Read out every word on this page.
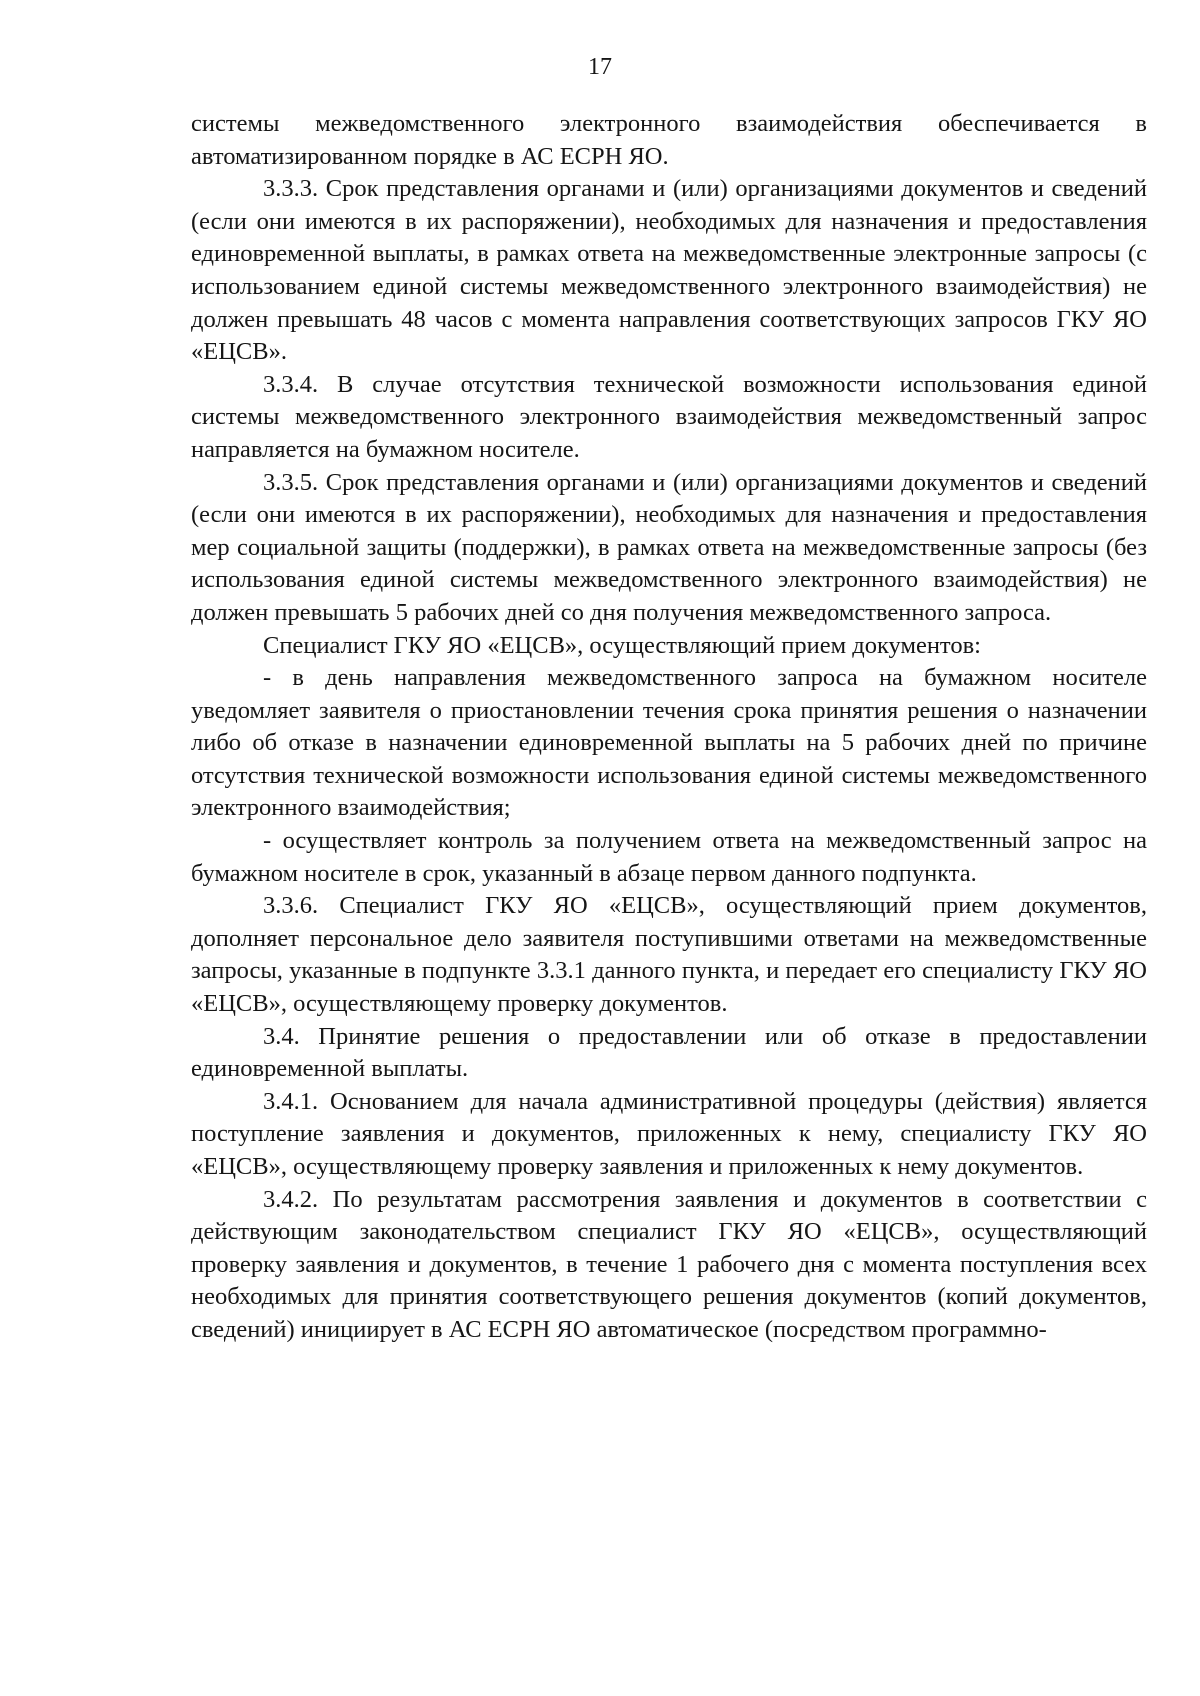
17

системы межведомственного электронного взаимодействия обеспечивается в автоматизированном порядке в АС ЕСРН ЯО.

3.3.3. Срок представления органами и (или) организациями документов и сведений (если они имеются в их распоряжении), необходимых для назначения и предоставления единовременной выплаты, в рамках ответа на межведомственные электронные запросы (с использованием единой системы межведомственного электронного взаимодействия) не должен превышать 48 часов с момента направления соответствующих запросов ГКУ ЯО «ЕЦСВ».

3.3.4. В случае отсутствия технической возможности использования единой системы межведомственного электронного взаимодействия межведомственный запрос направляется на бумажном носителе.

3.3.5. Срок представления органами и (или) организациями документов и сведений (если они имеются в их распоряжении), необходимых для назначения и предоставления мер социальной защиты (поддержки), в рамках ответа на межведомственные запросы (без использования единой системы межведомственного электронного взаимодействия) не должен превышать 5 рабочих дней со дня получения межведомственного запроса.

Специалист ГКУ ЯО «ЕЦСВ», осуществляющий прием документов:

- в день направления межведомственного запроса на бумажном носителе уведомляет заявителя о приостановлении течения срока принятия решения о назначении либо об отказе в назначении единовременной выплаты на 5 рабочих дней по причине отсутствия технической возможности использования единой системы межведомственного электронного взаимодействия;

- осуществляет контроль за получением ответа на межведомственный запрос на бумажном носителе в срок, указанный в абзаце первом данного подпункта.

3.3.6. Специалист ГКУ ЯО «ЕЦСВ», осуществляющий прием документов, дополняет персональное дело заявителя поступившими ответами на межведомственные запросы, указанные в подпункте 3.3.1 данного пункта, и передает его специалисту ГКУ ЯО «ЕЦСВ», осуществляющему проверку документов.

3.4. Принятие решения о предоставлении или об отказе в предоставлении единовременной выплаты.

3.4.1. Основанием для начала административной процедуры (действия) является поступление заявления и документов, приложенных к нему, специалисту ГКУ ЯО «ЕЦСВ», осуществляющему проверку заявления и приложенных к нему документов.

3.4.2. По результатам рассмотрения заявления и документов в соответствии с действующим законодательством специалист ГКУ ЯО «ЕЦСВ», осуществляющий проверку заявления и документов, в течение 1 рабочего дня с момента поступления всех необходимых для принятия соответствующего решения документов (копий документов, сведений) инициирует в АС ЕСРН ЯО автоматическое (посредством программно-
